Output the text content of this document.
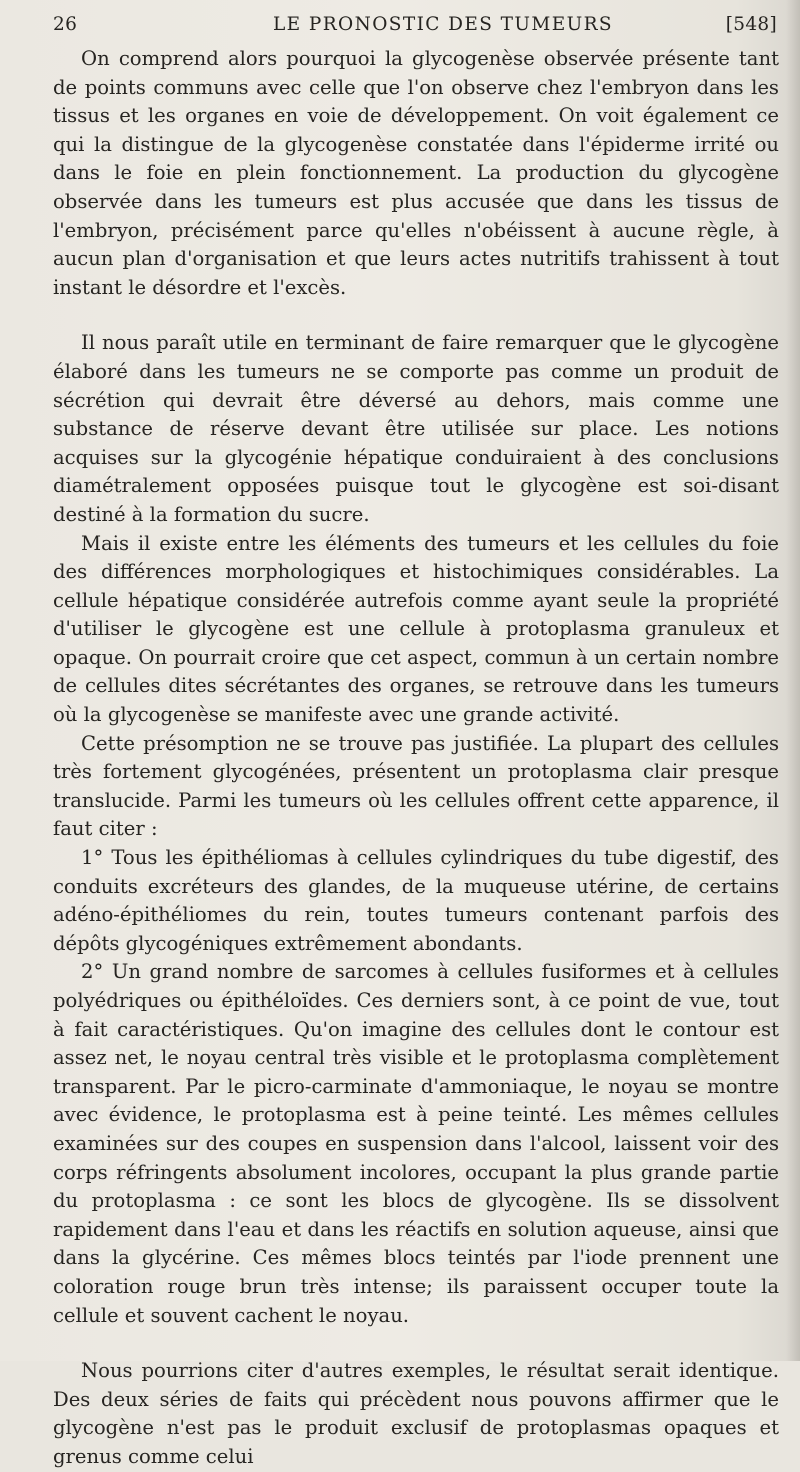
26	LE PRONOSTIC DES TUMEURS	[548]

On comprend alors pourquoi la glycogenèse observée présente tant de points communs avec celle que l'on observe chez l'embryon dans les tissus et les organes en voie de développement. On voit également ce qui la distingue de la glycogenèse constatée dans l'épiderme irrité ou dans le foie en plein fonctionnement. La production du glycogène observée dans les tumeurs est plus accusée que dans les tissus de l'embryon, précisément parce qu'elles n'obéissent à aucune règle, à aucun plan d'organisation et que leurs actes nutritifs trahissent à tout instant le désordre et l'excès.

Il nous paraît utile en terminant de faire remarquer que le glycogène élaboré dans les tumeurs ne se comporte pas comme un produit de sécrétion qui devrait être déversé au dehors, mais comme une substance de réserve devant être utilisée sur place. Les notions acquises sur la glycogénie hépatique conduiraient à des conclusions diamétralement opposées puisque tout le glycogène est soi-disant destiné à la formation du sucre.

Mais il existe entre les éléments des tumeurs et les cellules du foie des différences morphologiques et histochimiques considérables. La cellule hépatique considérée autrefois comme ayant seule la propriété d'utiliser le glycogène est une cellule à protoplasma granuleux et opaque. On pourrait croire que cet aspect, commun à un certain nombre de cellules dites sécrétantes des organes, se retrouve dans les tumeurs où la glycogenèse se manifeste avec une grande activité.

Cette présomption ne se trouve pas justifiée. La plupart des cellules très fortement glycogénées, présentent un protoplasma clair presque translucide. Parmi les tumeurs où les cellules offrent cette apparence, il faut citer :

1° Tous les épithéliomas à cellules cylindriques du tube digestif, des conduits excréteurs des glandes, de la muqueuse utérine, de certains adéno-épithéliomes du rein, toutes tumeurs contenant parfois des dépôts glycogéniques extrêmement abondants.

2° Un grand nombre de sarcomes à cellules fusiformes et à cellules polyédriques ou épithéloïdes. Ces derniers sont, à ce point de vue, tout à fait caractéristiques. Qu'on imagine des cellules dont le contour est assez net, le noyau central très visible et le protoplasma complètement transparent. Par le picro-carminate d'ammoniaque, le noyau se montre avec évidence, le protoplasma est à peine teinté. Les mêmes cellules examinées sur des coupes en suspension dans l'alcool, laissent voir des corps réfringents absolument incolores, occupant la plus grande partie du protoplasma : ce sont les blocs de glycogène. Ils se dissolvent rapidement dans l'eau et dans les réactifs en solution aqueuse, ainsi que dans la glycérine. Ces mêmes blocs teintés par l'iode prennent une coloration rouge brun très intense; ils paraissent occuper toute la cellule et souvent cachent le noyau.

Nous pourrions citer d'autres exemples, le résultat serait identique. Des deux séries de faits qui précèdent nous pouvons affirmer que le glycogène n'est pas le produit exclusif de protoplasmas opaques et grenus comme celui
